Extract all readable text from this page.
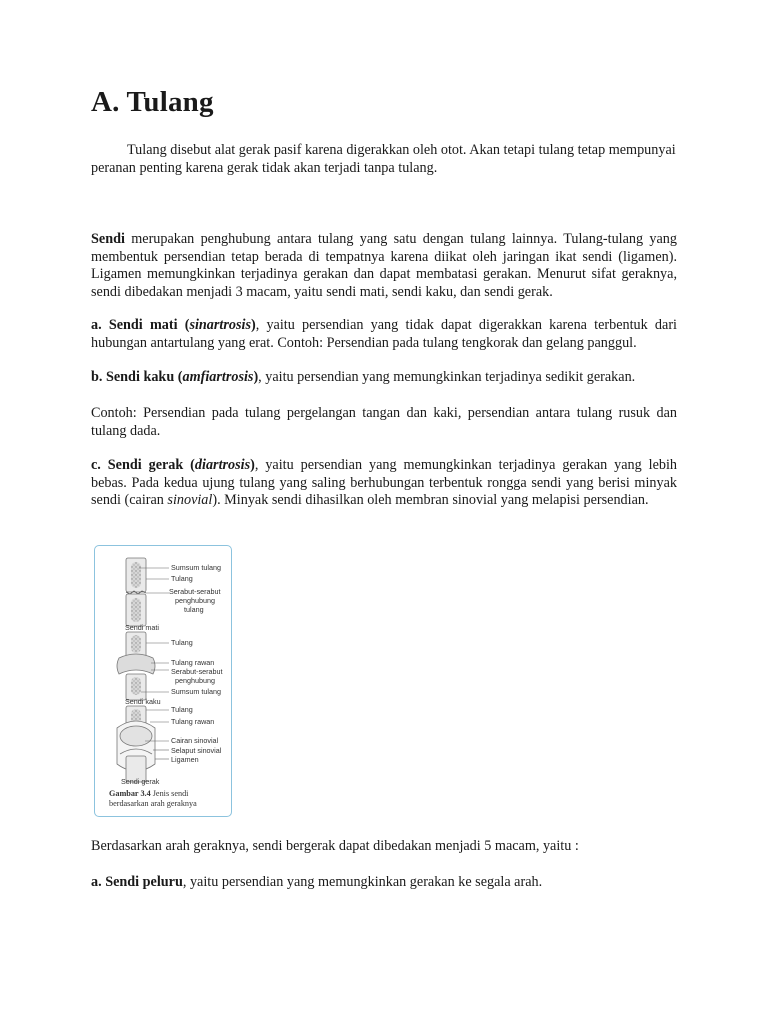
A. Tulang

Tulang disebut alat gerak pasif karena digerakkan oleh otot. Akan tetapi tulang tetap mempunyai peranan penting karena gerak tidak akan terjadi tanpa tulang.

Sendi merupakan penghubung antara tulang yang satu dengan tulang lainnya. Tulang-tulang yang membentuk persendian tetap berada di tempatnya karena diikat oleh jaringan ikat sendi (ligamen). Ligamen memungkinkan terjadinya gerakan dan dapat membatasi gerakan. Menurut sifat geraknya, sendi dibedakan menjadi 3 macam, yaitu sendi mati, sendi kaku, dan sendi gerak.

a. Sendi mati (sinartrosis), yaitu persendian yang tidak dapat digerakkan karena terbentuk dari hubungan antartulang yang erat. Contoh: Persendian pada tulang tengkorak dan gelang panggul.

b. Sendi kaku (amfiartrosis), yaitu persendian yang memungkinkan terjadinya sedikit gerakan.

Contoh: Persendian pada tulang pergelangan tangan dan kaki, persendian antara tulang rusuk dan tulang dada.

c. Sendi gerak (diartrosis), yaitu persendian yang memungkinkan terjadinya gerakan yang lebih bebas. Pada kedua ujung tulang yang saling berhubungan terbentuk rongga sendi yang berisi minyak sendi (cairan sinovial). Minyak sendi dihasilkan oleh membran sinovial yang melapisi persendian.

Sumsum tulang
Tulang
Serabut-serabut
penghubung
tulang
Sendi mati
Tulang
Tulang rawan
Serabut-serabut
penghubung
Sumsum tulang
Sendi kaku
Tulang
Tulang rawan
Cairan sinovial
Selaput sinovial
Ligamen
Sendi gerak
Gambar 3.4 Jenis sendi berdasarkan arah geraknya

Berdasarkan arah geraknya, sendi bergerak dapat dibedakan menjadi 5 macam, yaitu :

a. Sendi peluru, yaitu persendian yang memungkinkan gerakan ke segala arah.
